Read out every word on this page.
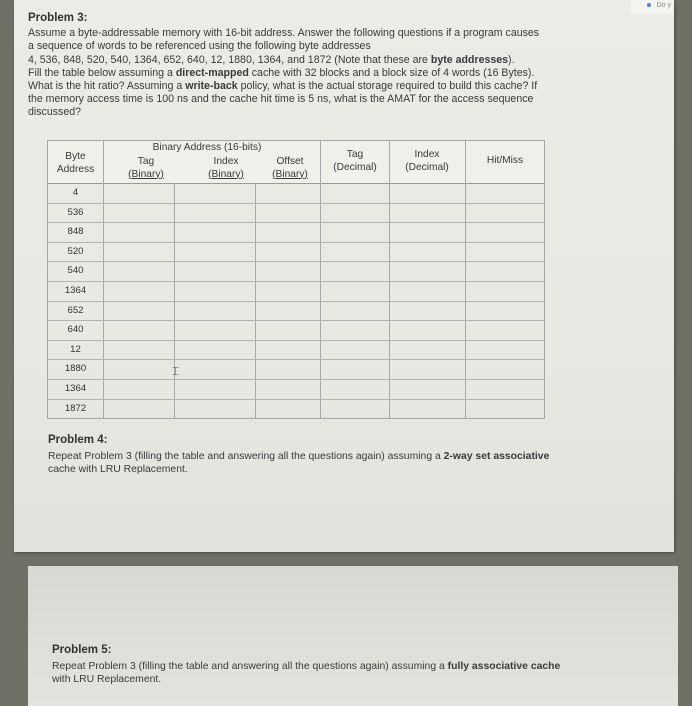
Do y
Problem 3:
Assume a byte-addressable memory with 16-bit address. Answer the following questions if a program causes
a sequence of words to be referenced using the following byte addresses
4, 536, 848, 520, 540, 1364, 652, 640, 12, 1880, 1364, and 1872 (Note that these are byte addresses).
Fill the table below assuming a direct-mapped cache with 32 blocks and a block size of 4 words (16 Bytes).
What is the hit ratio? Assuming a write-back policy, what is the actual storage required to build this cache? If
the memory access time is 100 ns and the cache hit time is 5 ns, what is the AMAT for the access sequence
discussed?
Byte
Address
Binary Address (16-bits)
Tag
(Binary)
Index
(Binary)
Offset
(Binary)
Tag
(Decimal)
Index
(Decimal)
Hit/Miss
4
536
848
520
540
1364
652
640
12
1880
1364
1872
⌶
Problem 4:
Repeat Problem 3 (filling the table and answering all the questions again) assuming a 2-way set associative
cache with LRU Replacement.
Problem 5:
Repeat Problem 3 (filling the table and answering all the questions again) assuming a fully associative cache
with LRU Replacement.
